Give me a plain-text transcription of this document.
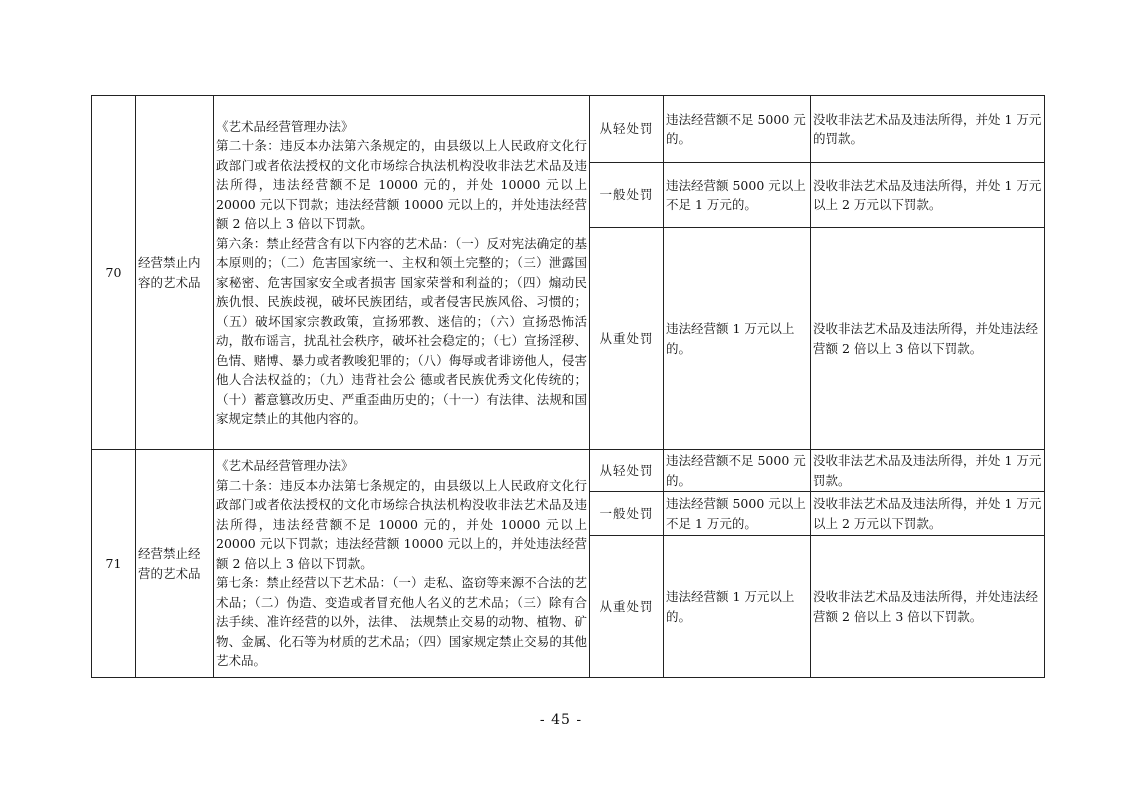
70	经营禁止内容的艺术品	《艺术品经营管理办法》

第二十条：违反本办法第六条规定的，由县级以上人民政府文化行政部门或者依法授权的文化市场综合执法机构没收非法艺术品及违法所得，违法经营额不足 10000 元的，并处 10000 元以上 20000 元以下罚款；违法经营额 10000 元以上的，并处违法经营额 2 倍以上 3 倍以下罚款。

第六条：禁止经营含有以下内容的艺术品：（一）反对宪法确定的基本原则的；（二）危害国家统一、主权和领土完整的；（三）泄露国家秘密、危害国家安全或者损害 国家荣誉和利益的；（四）煽动民族仇恨、民族歧视，破坏民族团结，或者侵害民族风俗、习惯的；（五）破坏国家宗教政策，宣扬邪教、迷信的；（六）宣扬恐怖活动，散布谣言，扰乱社会秩序，破坏社会稳定的；（七）宣扬淫秽、色情、赌博、暴力或者教唆犯罪的；（八）侮辱或者诽谤他人，侵害他人合法权益的；（九）违背社会公 德或者民族优秀文化传统的；（十）蓄意篡改历史、严重歪曲历史的；（十一）有法律、法规和国家规定禁止的其他内容的。	从轻处罚	违法经营额不足 5000 元的。	没收非法艺术品及违法所得，并处 1 万元的罚款。
			一般处罚	违法经营额 5000 元以上不足 1 万元的。	没收非法艺术品及违法所得，并处 1 万元以上 2 万元以下罚款。
			从重处罚	违法经营额 1 万元以上的。	没收非法艺术品及违法所得，并处违法经营额 2 倍以上 3 倍以下罚款。
71	经营禁止经营的艺术品	《艺术品经营管理办法》

第二十条：违反本办法第七条规定的，由县级以上人民政府文化行政部门或者依法授权的文化市场综合执法机构没收非法艺术品及违法所得，违法经营额不足 10000 元的，并处 10000 元以上 20000 元以下罚款；违法经营额 10000 元以上的，并处违法经营额 2 倍以上 3 倍以下罚款。

第七条：禁止经营以下艺术品：（一）走私、盗窃等来源不合法的艺术品；（二）伪造、变造或者冒充他人名义的艺术品；（三）除有合法手续、准许经营的以外，法律、 法规禁止交易的动物、植物、矿物、金属、化石等为材质的艺术品；（四）国家规定禁止交易的其他艺术品。	从轻处罚	违法经营额不足 5000 元的。	没收非法艺术品及违法所得，并处 1 万元罚款。
			一般处罚	违法经营额 5000 元以上不足 1 万元的。	没收非法艺术品及违法所得，并处 1 万元以上 2 万元以下罚款。
			从重处罚	违法经营额 1 万元以上的。	没收非法艺术品及违法所得，并处违法经营额 2 倍以上 3 倍以下罚款。
- 45 -
